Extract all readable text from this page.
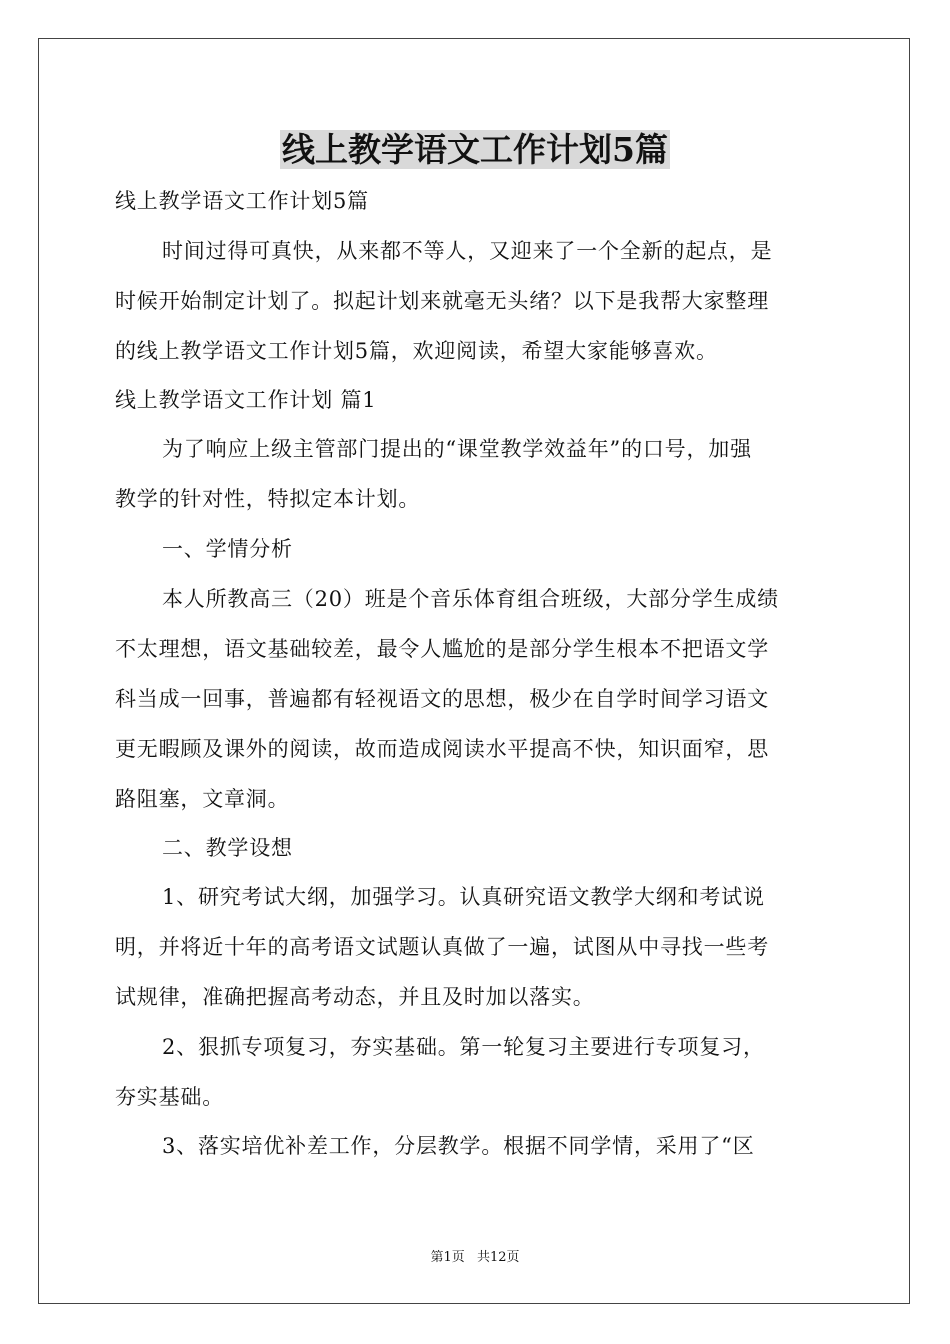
线上教学语文工作计划5篇

线上教学语文工作计划5篇

时间过得可真快，从来都不等人，又迎来了一个全新的起点，是

时候开始制定计划了。拟起计划来就毫无头绪？以下是我帮大家整理

的线上教学语文工作计划5篇，欢迎阅读，希望大家能够喜欢。

线上教学语文工作计划 篇1

为了响应上级主管部门提出的“课堂教学效益年”的口号，加强

教学的针对性，特拟定本计划。

一、学情分析

本人所教高三（20）班是个音乐体育组合班级，大部分学生成绩

不太理想，语文基础较差，最令人尴尬的是部分学生根本不把语文学

科当成一回事，普遍都有轻视语文的思想，极少在自学时间学习语文

更无暇顾及课外的阅读，故而造成阅读水平提高不快，知识面窄，思

路阻塞，文章洞。

二、教学设想

1、研究考试大纲，加强学习。认真研究语文教学大纲和考试说

明，并将近十年的高考语文试题认真做了一遍，试图从中寻找一些考

试规律，准确把握高考动态，并且及时加以落实。

2、狠抓专项复习，夯实基础。第一轮复习主要进行专项复习，

夯实基础。

3、落实培优补差工作，分层教学。根据不同学情，采用了“区

第1页 共12页
